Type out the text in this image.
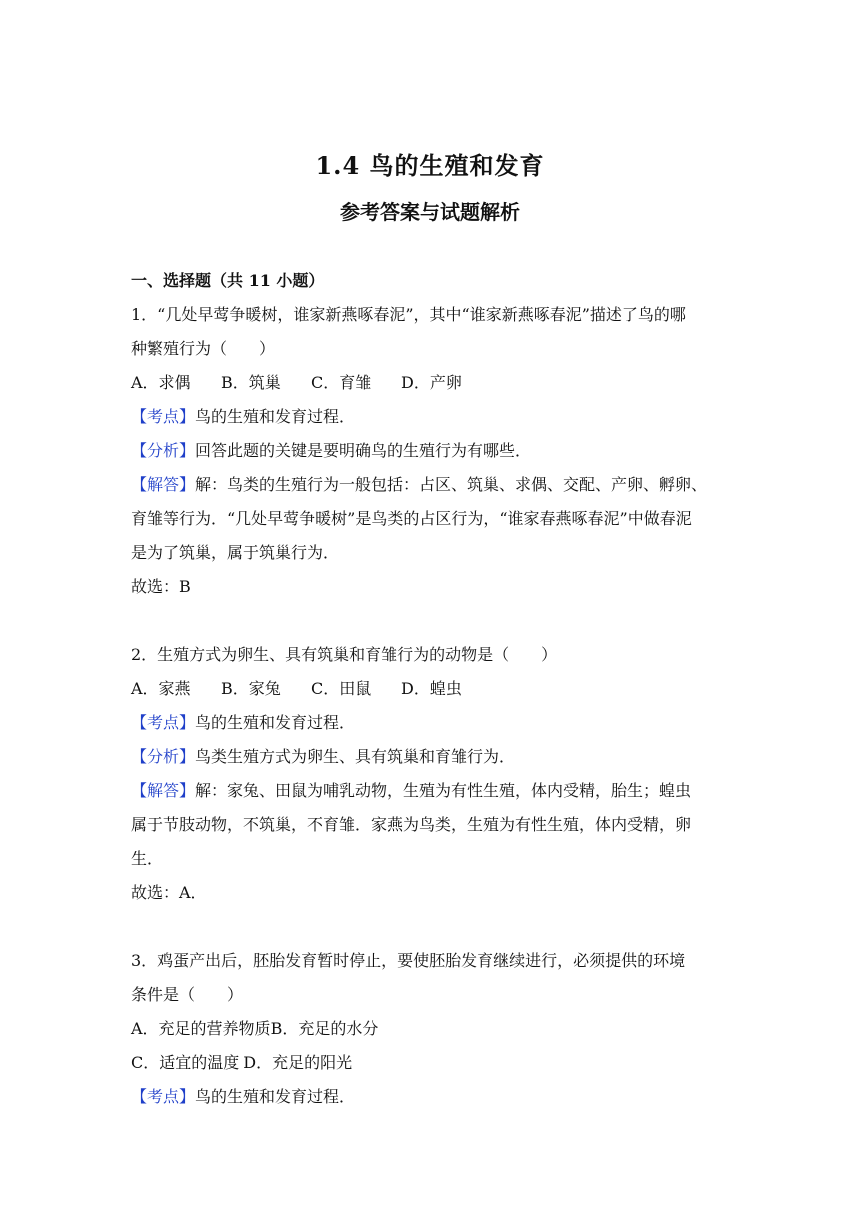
1.4 鸟的生殖和发育
参考答案与试题解析
一、选择题（共 11 小题）
1．“几处早莺争暖树，谁家新燕啄春泥”，其中“谁家新燕啄春泥”描述了鸟的哪
种繁殖行为（　　）
A．求偶 B．筑巢 C．育雏 D．产卵
【考点】鸟的生殖和发育过程．
【分析】回答此题的关键是要明确鸟的生殖行为有哪些．
【解答】解：鸟类的生殖行为一般包括：占区、筑巢、求偶、交配、产卵、孵卵、
育雏等行为．“几处早莺争暖树”是鸟类的占区行为，“谁家春燕啄春泥”中做春泥
是为了筑巢，属于筑巢行为．
故选：B
2．生殖方式为卵生、具有筑巢和育雏行为的动物是（　　）
A．家燕 B．家兔 C．田鼠 D．蝗虫
【考点】鸟的生殖和发育过程．
【分析】鸟类生殖方式为卵生、具有筑巢和育雏行为．
【解答】解：家兔、田鼠为哺乳动物，生殖为有性生殖，体内受精，胎生；蝗虫
属于节肢动物，不筑巢，不育雏．家燕为鸟类，生殖为有性生殖，体内受精，卵
生．
故选：A．
3．鸡蛋产出后，胚胎发育暂时停止，要使胚胎发育继续进行，必须提供的环境
条件是（　　）
A．充足的营养物质B．充足的水分
C．适宜的温度 D．充足的阳光
【考点】鸟的生殖和发育过程．
